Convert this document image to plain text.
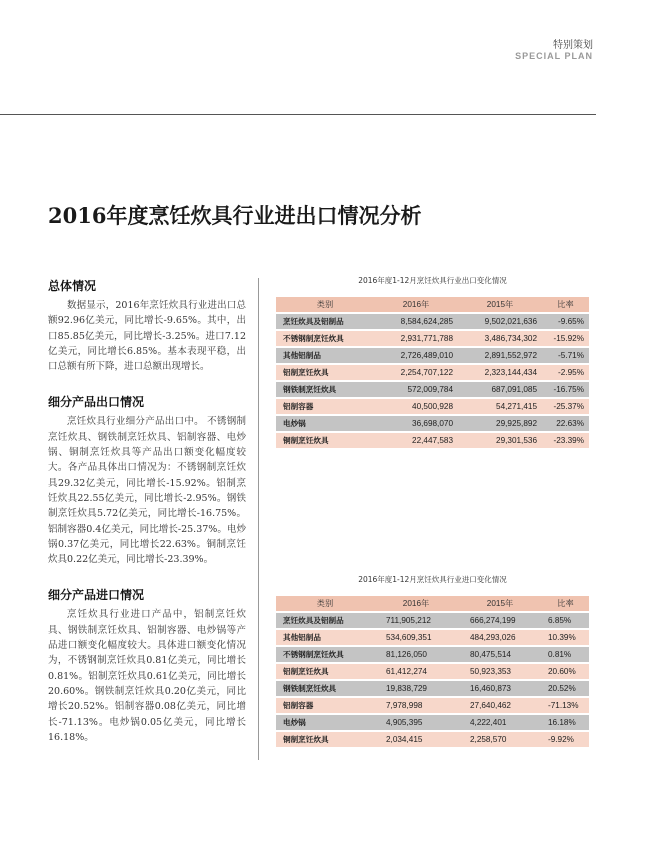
特别策划
SPECIAL PLAN
2016年度烹饪炊具行业进出口情况分析
总体情况

数据显示，2016年烹饪炊具行业进出口总额92.96亿美元，同比增长-9.65%。其中，出口85.85亿美元，同比增长-3.25%。进口7.12亿美元，同比增长6.85%。基本表现平稳，出口总额有所下降，进口总额出现增长。

细分产品出口情况

烹饪炊具行业细分产品出口中。 不锈钢制烹饪炊具、钢铁制烹饪炊具、铝制容器、电炒锅、铜制烹饪炊具等产品出口额变化幅度较大。各产品具体出口情况为：不锈钢制烹饪炊具29.32亿美元，同比增长-15.92%。铝制烹饪炊具22.55亿美元，同比增长-2.95%。钢铁制烹饪炊具5.72亿美元，同比增长-16.75%。铝制容器0.4亿美元，同比增长-25.37%。电炒锅0.37亿美元，同比增长22.63%。铜制烹饪炊具0.22亿美元，同比增长-23.39%。

细分产品进口情况

烹饪炊具行业进口产品中，铝制烹饪炊具、钢铁制烹饪炊具、铝制容器、电炒锅等产品进口额变化幅度较大。具体进口额变化情况为，不锈钢制烹饪炊具0.81亿美元，同比增长0.81%。铝制烹饪炊具0.61亿美元，同比增长20.60%。钢铁制烹饪炊具0.20亿美元，同比增长20.52%。铝制容器0.08亿美元，同比增长-71.13%。电炒锅0.05亿美元，同比增长16.18%。

2016年度1-12月烹饪炊具行业出口变化情况
类别	2016年	2015年	比率
烹饪炊具及铝制品	8,584,624,285	9,502,021,636	-9.65%
不锈钢制烹饪炊具	2,931,771,788	3,486,734,302	-15.92%
其他铝制品	2,726,489,010	2,891,552,972	-5.71%
铝制烹饪炊具	2,254,707,122	2,323,144,434	-2.95%
钢铁制烹饪炊具	572,009,784	687,091,085	-16.75%
铝制容器	40,500,928	54,271,415	-25.37%
电炒锅	36,698,070	29,925,892	22.63%
铜制烹饪炊具	22,447,583	29,301,536	-23.39%
2016年度1-12月烹饪炊具行业进口变化情况
类别	2016年	2015年	比率
烹饪炊具及铝制品	711,905,212	666,274,199	6.85%
其他铝制品	534,609,351	484,293,026	10.39%
不锈钢制烹饪炊具	81,126,050	80,475,514	0.81%
铝制烹饪炊具	61,412,274	50,923,353	20.60%
钢铁制烹饪炊具	19,838,729	16,460,873	20.52%
铝制容器	7,978,998	27,640,462	-71.13%
电炒锅	4,905,395	4,222,401	16.18%
铜制烹饪炊具	2,034,415	2,258,570	-9.92%
